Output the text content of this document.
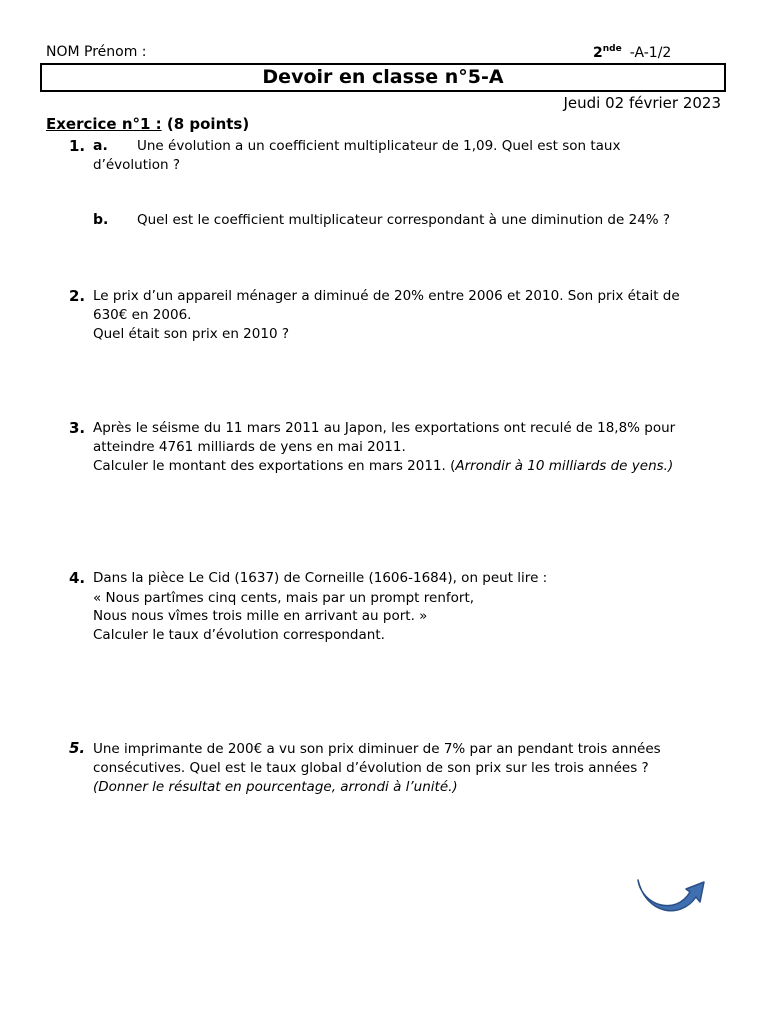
NOM Prénom :	2nde -A-1/2
Devoir en classe n°5-A
Jeudi 02 février 2023
Exercice n°1 : (8 points)
1. a. Une évolution a un coefficient multiplicateur de 1,09. Quel est son taux
d’évolution ?
b. Quel est le coefficient multiplicateur correspondant à une diminution de 24% ?
2. Le prix d’un appareil ménager a diminué de 20% entre 2006 et 2010. Son prix était de
630€ en 2006.
Quel était son prix en 2010 ?
3. Après le séisme du 11 mars 2011 au Japon, les exportations ont reculé de 18,8% pour
atteindre 4761 milliards de yens en mai 2011.
Calculer le montant des exportations en mars 2011. (Arrondir à 10 milliards de yens.)
4. Dans la pièce Le Cid (1637) de Corneille (1606-1684), on peut lire :
« Nous partîmes cinq cents, mais par un prompt renfort,
Nous nous vîmes trois mille en arrivant au port. »
Calculer le taux d’évolution correspondant.
5. Une imprimante de 200€ a vu son prix diminuer de 7% par an pendant trois années
consécutives. Quel est le taux global d’évolution de son prix sur les trois années ?
(Donner le résultat en pourcentage, arrondi à l’unité.)
